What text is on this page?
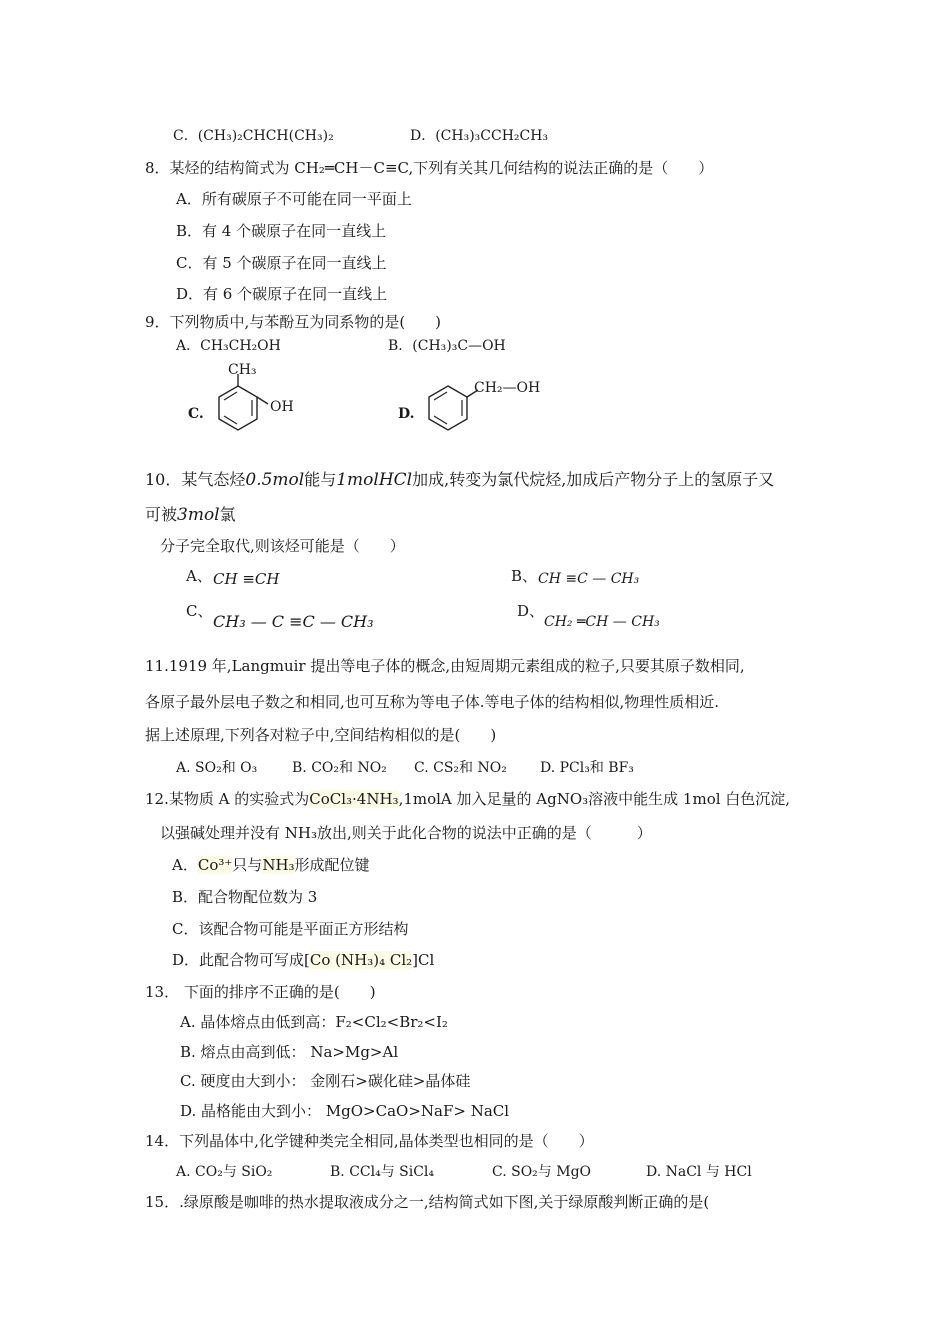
C．(CH₃)₂CHCH(CH₃)₂	D．(CH₃)₃CCH₂CH₃
8．某烃的结构简式为 CH₂═CH－C≡C,下列有关其几何结构的说法正确的是（　　）
A．所有碳原子不可能在同一平面上
B．有 4 个碳原子在同一直线上
C．有 5 个碳原子在同一直线上
D．有 6 个碳原子在同一直线上
9．下列物质中,与苯酚互为同系物的是(　　)
A．CH₃CH₂OH	B．(CH₃)₃C—OH
C.
CH₃
OH	D.
CH₂—OH
10．某气态烃0.5mol能与1molHCl加成,转变为氯代烷烃,加成后产物分子上的氢原子又
可被3mol氯
分子完全取代,则该烃可能是（　　）
A、 CH ≡CH	B、 CH ≡C — CH₃
C、
CH₃ — C ≡C — CH₃
D、
CH₂ ═CH — CH₃
11.1919 年,Langmuir 提出等电子体的概念,由短周期元素组成的粒子,只要其原子数相同,
各原子最外层电子数之和相同,也可互称为等电子体.等电子体的结构相似,物理性质相近.
据上述原理,下列各对粒子中,空间结构相似的是(　　)
A. SO₂和 O₃ B. CO₂和 NO₂ C. CS₂和 NO₂ D. PCl₃和 BF₃
12.某物质 A 的实验式为CoCl₃·4NH₃,1molA 加入足量的 AgNO₃溶液中能生成 1mol 白色沉淀,
以强碱处理并没有 NH₃放出,则关于此化合物的说法中正确的是（　　　）
A．Co³⁺只与NH₃形成配位键
B．配合物配位数为 3
C．该配合物可能是平面正方形结构
D．此配合物可写成[Co (NH₃)₄ Cl₂]Cl
13． 下面的排序不正确的是(　　)
A. 晶体熔点由低到高：F₂<Cl₂<Br₂<I₂
B. 熔点由高到低： Na>Mg>Al
C. 硬度由大到小： 金刚石>碳化硅>晶体硅
D. 晶格能由大到小： MgO>CaO>NaF> NaCl
14．下列晶体中,化学键种类完全相同,晶体类型也相同的是（　　）
A. CO₂与 SiO₂	B. CCl₄与 SiCl₄	C. SO₂与 MgO	D. NaCl 与 HCl
15．.绿原酸是咖啡的热水提取液成分之一,结构简式如下图,关于绿原酸判断正确的是(
